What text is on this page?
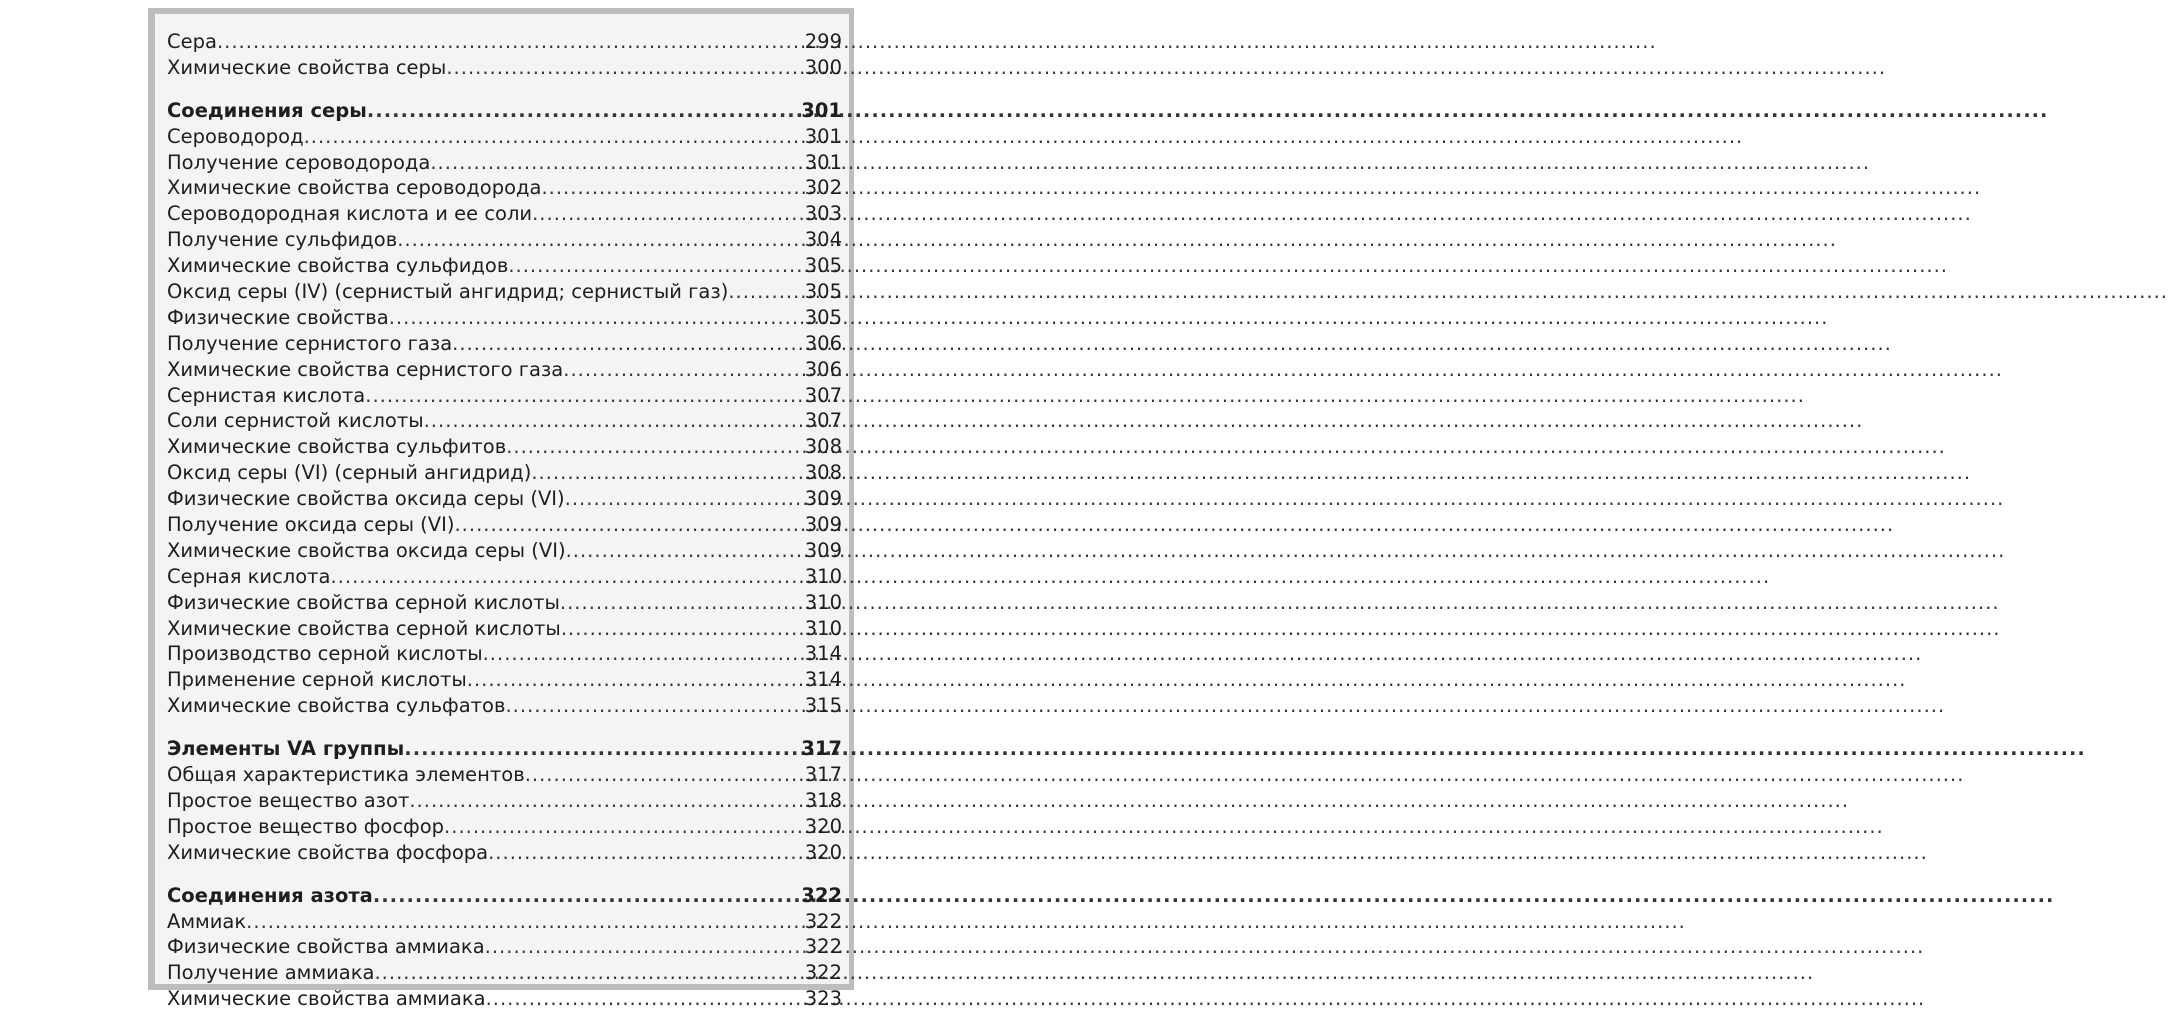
Сера .....	299
Химические свойства серы .....	300
Соединения серы .....	301
Сероводород .....	301
Получение сероводорода .....	301
Химические свойства сероводорода .....	302
Сероводородная кислота и ее соли .....	303
Получение сульфидов .....	304
Химические свойства сульфидов .....	305
Оксид серы (IV) (сернистый ангидрид; сернистый газ) .....	305
Физические свойства .....	305
Получение сернистого газа .....	306
Химические свойства сернистого газа .....	306
Сернистая кислота .....	307
Соли сернистой кислоты .....	307
Химические свойства сульфитов .....	308
Оксид серы (VI) (серный ангидрид) .....	308
Физические свойства оксида серы (VI) .....	309
Получение оксида серы (VI) .....	309
Химические свойства оксида серы (VI) .....	309
Серная кислота .....	310
Физические свойства серной кислоты .....	310
Химические свойства серной кислоты .....	310
Производство серной кислоты .....	314
Применение серной кислоты .....	314
Химические свойства сульфатов .....	315
Элементы VA группы .....	317
Общая характеристика элементов .....	317
Простое вещество азот .....	318
Простое вещество фосфор .....	320
Химические свойства фосфора .....	320
Соединения азота .....	322
Аммиак .....	322
Физические свойства аммиака .....	322
Получение аммиака .....	322
Химические свойства аммиака .....	323
